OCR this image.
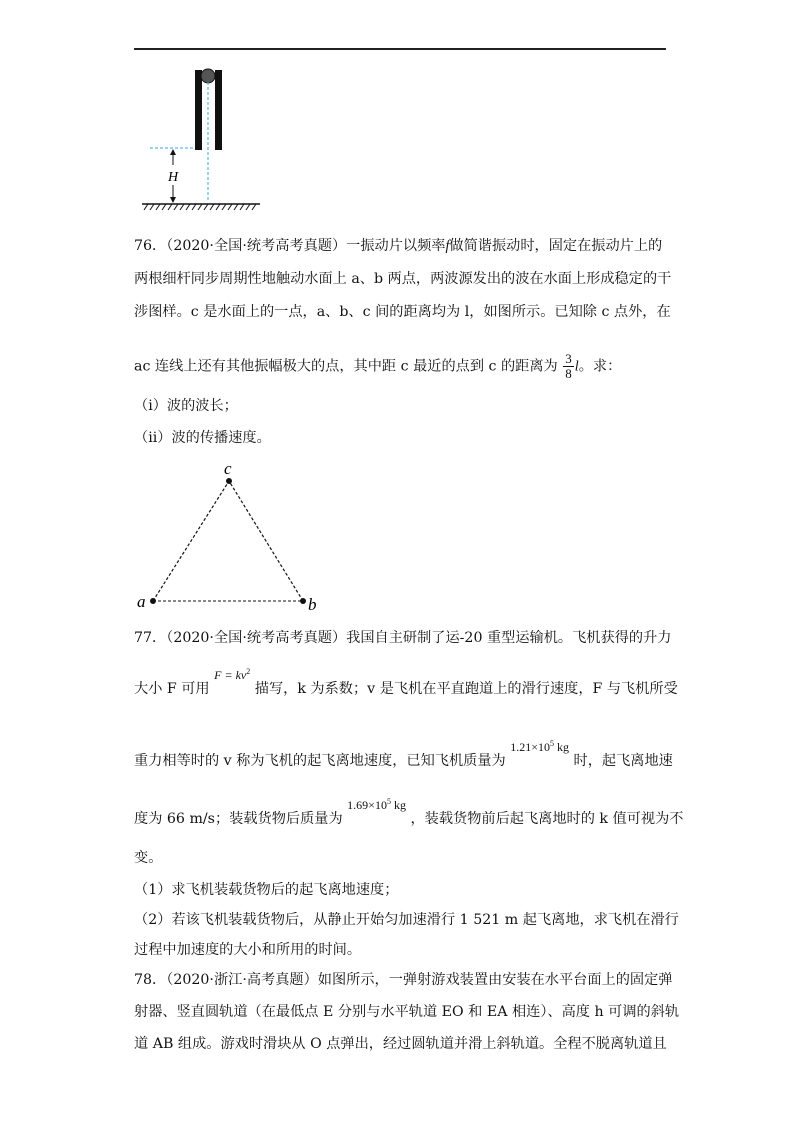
H
76．（2020·全国·统考高考真题）一振动片以频率f做简谐振动时，固定在振动片上的
两根细杆同步周期性地触动水面上 a、b 两点，两波源发出的波在水面上形成稳定的干
涉图样。c 是水面上的一点，a、b、c 间的距离均为 l，如图所示。已知除 c 点外，在
ac 连线上还有其他振幅极大的点，其中距 c 最近的点到 c 的距离为 $\frac{3}{8}$ l。求：
（i）波的波长；
（ii）波的传播速度。
a	b
c
77．（2020·全国·统考高考真题）我国自主研制了运-20 重型运输机。飞机获得的升力
大小 F 可用 $F = kv^2$ 描写，k 为系数；v 是飞机在平直跑道上的滑行速度，F 与飞机所受
重力相等时的 v 称为飞机的起飞离地速度，已知飞机质量为 $1.21\times 10^5$ kg 时，起飞离地速
度为 66 m/s；装载货物后质量为 $1.69\times 10^5$ kg ，装载货物前后起飞离地时的 k 值可视为不
变。
（1）求飞机装载货物后的起飞离地速度；
（2）若该飞机装载货物后，从静止开始匀加速滑行 1 521 m 起飞离地，求飞机在滑行
过程中加速度的大小和所用的时间。
78．（2020·浙江·高考真题）如图所示，一弹射游戏装置由安装在水平台面上的固定弹
射器、竖直圆轨道（在最低点 E 分别与水平轨道 EO 和 EA 相连）、高度 h 可调的斜轨
道 AB 组成。游戏时滑块从 O 点弹出，经过圆轨道并滑上斜轨道。全程不脱离轨道且
